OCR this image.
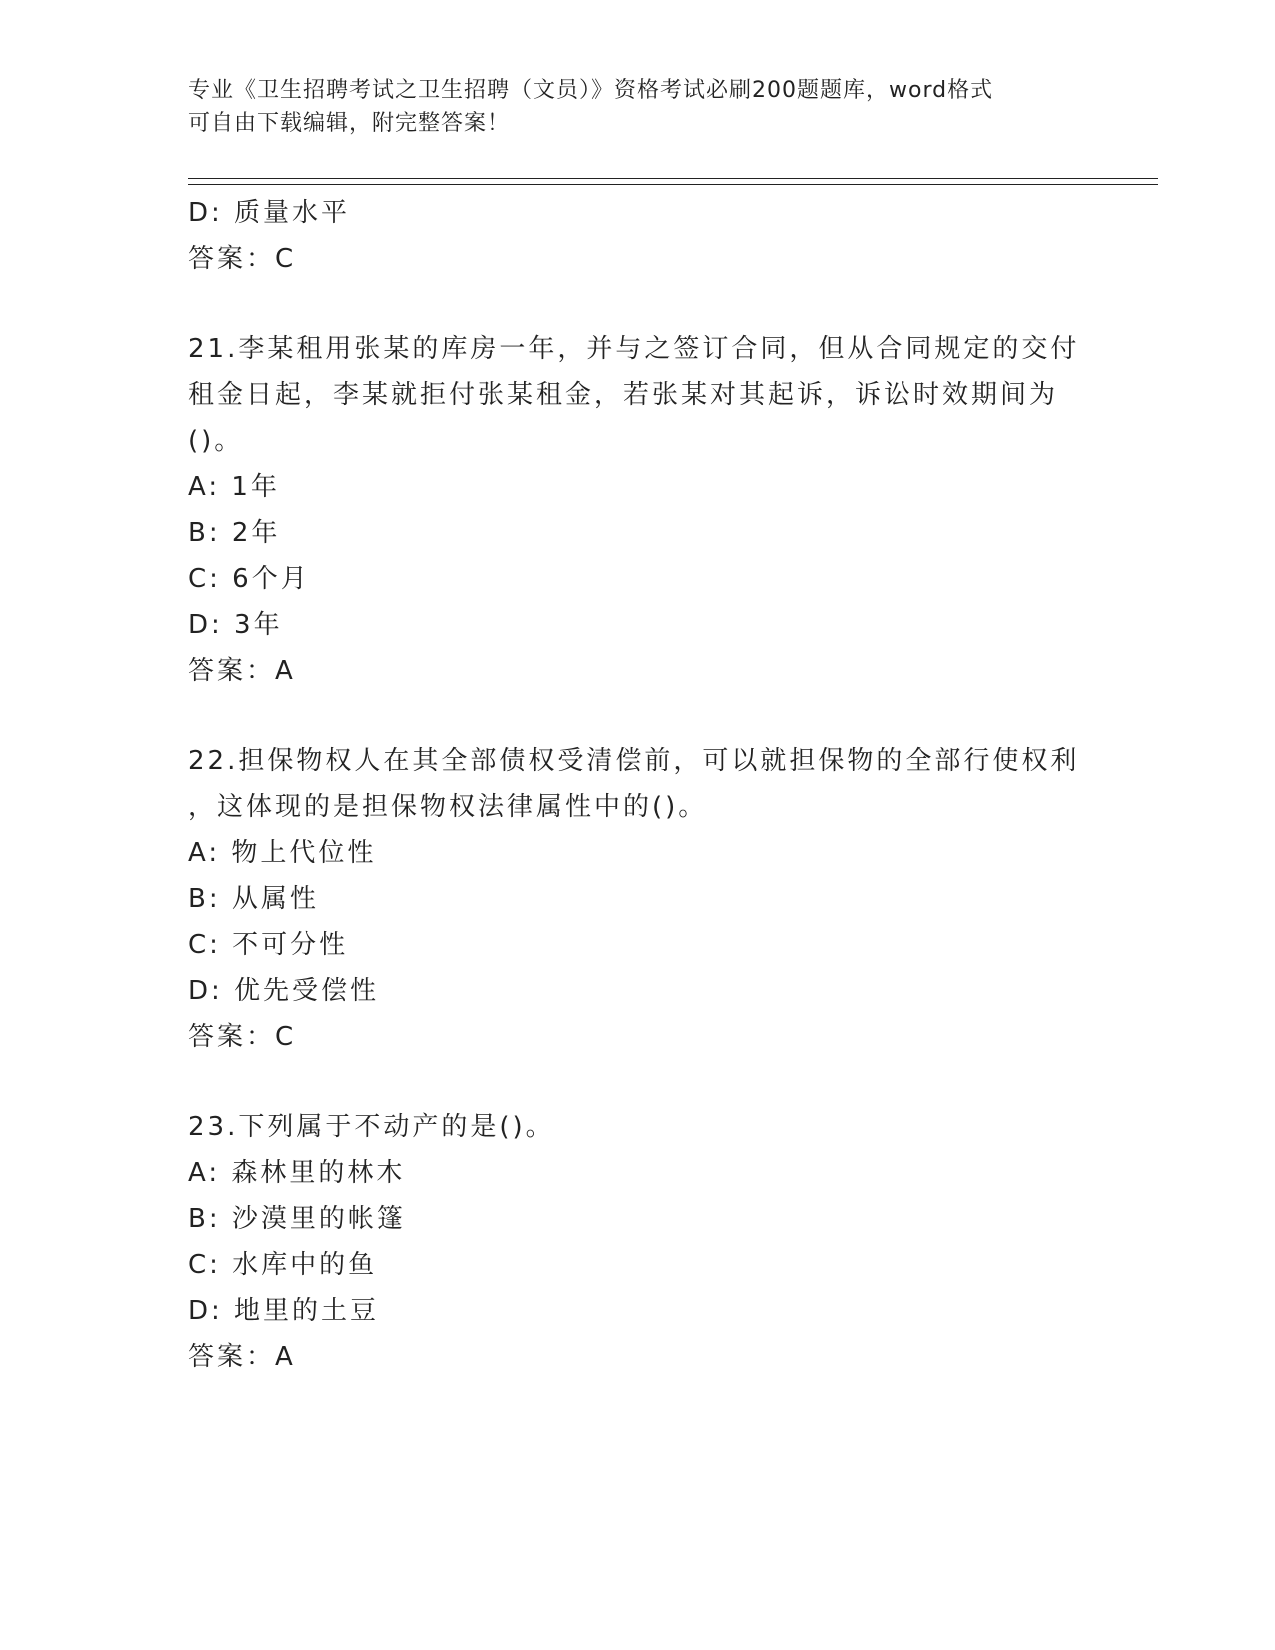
专业《卫生招聘考试之卫生招聘（文员）》资格考试必刷200题题库，word格式
可自由下载编辑，附完整答案！
D: 质量水平
答案：C
21.李某租用张某的库房一年，并与之签订合同，但从合同规定的交付
租金日起，李某就拒付张某租金，若张某对其起诉，诉讼时效期间为
()。
A: 1年
B: 2年
C: 6个月
D: 3年
答案：A
22.担保物权人在其全部债权受清偿前，可以就担保物的全部行使权利
，这体现的是担保物权法律属性中的()。
A: 物上代位性
B: 从属性
C: 不可分性
D: 优先受偿性
答案：C
23.下列属于不动产的是()。
A: 森林里的林木
B: 沙漠里的帐篷
C: 水库中的鱼
D: 地里的土豆
答案：A
